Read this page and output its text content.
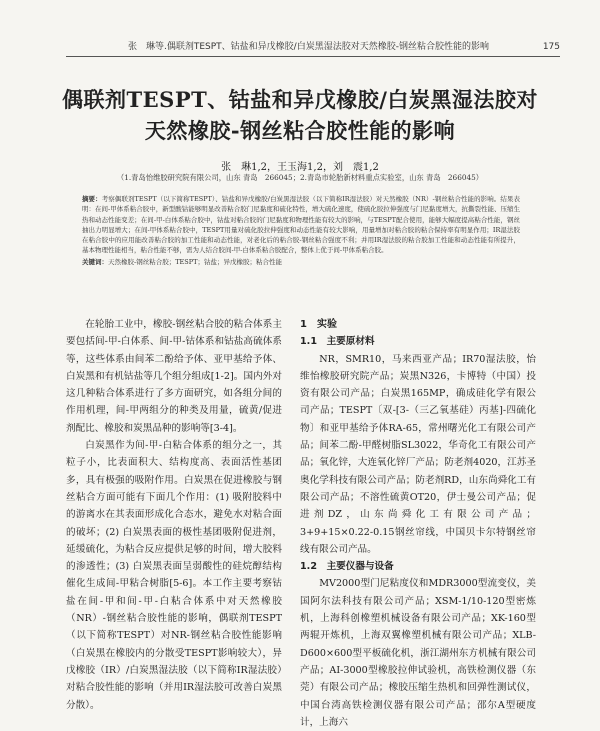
张　琳等.偶联剂TESPT、钴盐和异戊橡胶/白炭黑湿法胶对天然橡胶-钢丝粘合胶性能的影响	175
偶联剂TESPT、钴盐和异戊橡胶/白炭黑湿法胶对
天然橡胶-钢丝粘合胶性能的影响
张　琳1,2，王玉海1,2，刘　震1,2
（1.青岛怡维胶研究院有限公司，山东 青岛　266045；2.青岛市轮胎新材料重点实验室，山东 青岛　266045）
摘要：考察偶联剂TESPT（以下简称TESPT）、钴盐和异戊橡胶/白炭黑湿法胶（以下简称IR湿法胶）对天然橡胶（NR）-钢丝粘合性能的影响。结果表明：在间-甲体系粘合胶中，新型酸钴能够明显改善粘合胶门尼黏度和硫化特性，增大硫化速度，使硫化胶拉伸强度与门尼黏度增大，抗撕裂性能、压缩生热和动态性能变差；在间-甲-白体系粘合胶中，钴盐对粘合胶的门尼黏度和物理性能有较大的影响，与TESPT配合使用，能够大幅度提高粘合性能，钢丝抽出力明显增大；在间-甲体系粘合胶中，TESPT用量对硫化胶拉伸强度和动态性能有较大影响，用量增加对粘合胶的粘合保持率有明显作用；IR湿法胶在粘合胶中的应用能改善粘合胶的加工性能和动态性能，对老化后的粘合胶-钢丝粘合强度不利；并用IR湿法胶的粘合胶加工性能和动态性能有所提升，基本物理性能相当，粘合性能不够，需为人结合胶间-甲-白体系粘合胶配合，整体上优于间-甲体系粘合胶。
关键词：天然橡胶-钢丝粘合胶；TESPT；钴盐；异戊橡胶；粘合性能

在轮胎工业中，橡胶-钢丝粘合胶的粘合体系主要包括间-甲-白体系、间-甲-钴体系和钴盐高硫体系等，这些体系由间苯二酚给予体、亚甲基给予体、白炭黑和有机钴盐等几个组分组成[1-2]。国内外对这几种粘合体系进行了多方面研究，如各组分间的作用机理，间-甲两组分的种类及用量，硫黄/促进剂配比、橡胶和炭黑品种的影响等[3-4]。

白炭黑作为间-甲-白粘合体系的组分之一，其粒子小，比表面积大、结构度高、表面活性基团多，具有极强的吸附作用。白炭黑在促进橡胶与钢丝粘合方面可能有下面几个作用：(1) 吸附胶料中的游离水在其表面形成化合态水，避免水对粘合面的破坏；(2) 白炭黑表面的极性基团吸附促进剂，延缓硫化，为粘合反应提供足够的时间，增大胶料的渗透性；(3) 白炭黑表面呈弱酸性的硅烷醇结构催化生成间-甲粘合树脂[5-6]。本工作主要考察钴盐在间-甲和间-甲-白粘合体系中对天然橡胶（NR）-钢丝粘合胶性能的影响，偶联剂TESPT（以下简称TESPT）对NR-钢丝粘合胶性能影响（白炭黑在橡胶内的分散受TESPT影响较大），异戊橡胶（IR）/白炭黑湿法胶（以下简称IR湿法胶）对粘合胶性能的影响（并用IR湿法胶可改善白炭黑分散）。

1　实验
1.1　主要原材料

NR，SMR10，马来西亚产品；IR70湿法胶，怡维怡橡胶研究院产品；炭黑N326，卡博特（中国）投资有限公司产品；白炭黑165MP，确成硅化学有限公司产品；TESPT〔双-[3-（三乙氧基硅）丙基]-四硫化物〕和亚甲基给予体RA-65，常州曙光化工有限公司产品；间苯二酚-甲醛树脂SL3022，华奇化工有限公司产品；氧化锌，大连氧化锌厂产品；防老剂4020，江苏圣奥化学科技有限公司产品；防老剂RD，山东尚舜化工有限公司产品；不溶性硫黄OT20，伊士曼公司产品；促进剂DZ，山东尚舜化工有限公司产品；3+9+15×0.22-0.15钢丝帘线，中国贝卡尔特钢丝帘线有限公司产品。

1.2　主要仪器与设备

MV2000型门尼粘度仪和MDR3000型流变仪，美国阿尔法科技有限公司产品；XSM-1/10-120型密炼机，上海科创橡塑机械设备有限公司产品；XK-160型两辊开炼机，上海双翼橡塑机械有限公司产品；XLB-D600×600型平板硫化机，浙江湖州东方机械有限公司产品；AI-3000型橡胶拉伸试验机，高铁检测仪器（东莞）有限公司产品；橡胶压缩生热机和回弹性测试仪，中国台湾高铁检测仪器有限公司产品；邵尔A型硬度计，上海六
